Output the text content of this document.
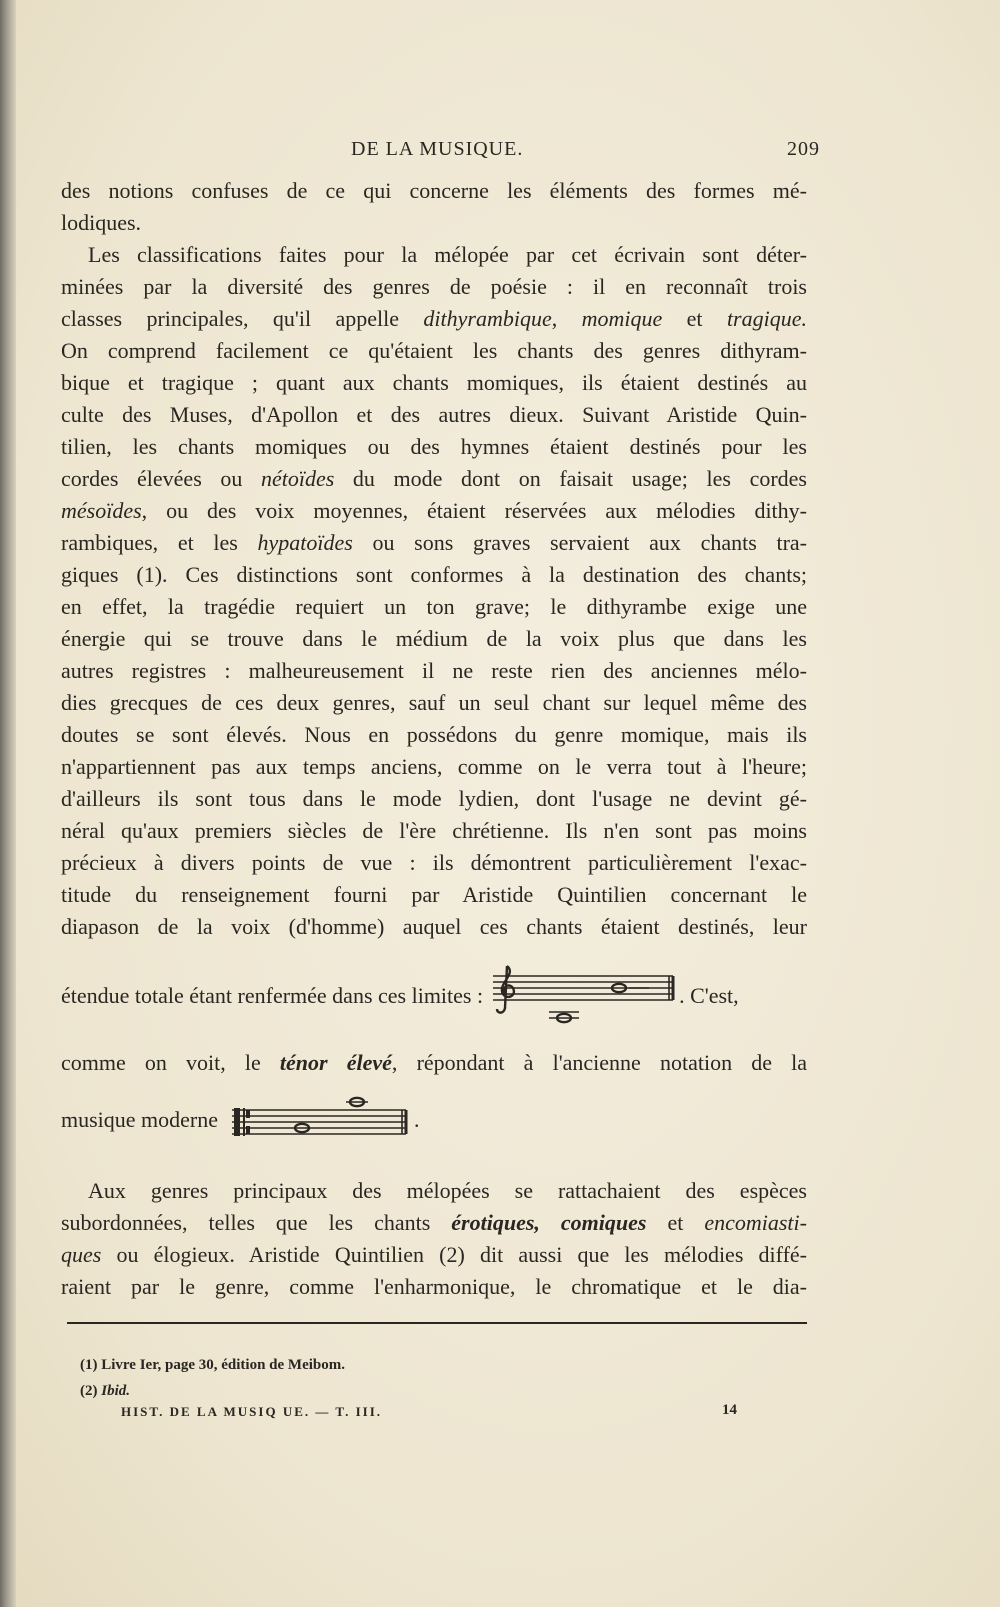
DE LA MUSIQUE.	209
des notions confuses de ce qui concerne les éléments des formes mé-
lodiques.
Les classifications faites pour la mélopée par cet écrivain sont déter-
minées par la diversité des genres de poésie : il en reconnaît trois
classes principales, qu'il appelle dithyrambique, momique et tragique.
On comprend facilement ce qu'étaient les chants des genres dithyram-
bique et tragique ; quant aux chants momiques, ils étaient destinés au
culte des Muses, d'Apollon et des autres dieux. Suivant Aristide Quin-
tilien, les chants momiques ou des hymnes étaient destinés pour les
cordes élevées ou nétoïdes du mode dont on faisait usage; les cordes
mésoïdes, ou des voix moyennes, étaient réservées aux mélodies dithy-
rambiques, et les hypatoïdes ou sons graves servaient aux chants tra-
giques (1). Ces distinctions sont conformes à la destination des chants;
en effet, la tragédie requiert un ton grave; le dithyrambe exige une
énergie qui se trouve dans le médium de la voix plus que dans les
autres registres : malheureusement il ne reste rien des anciennes mélo-
dies grecques de ces deux genres, sauf un seul chant sur lequel même des
doutes se sont élevés. Nous en possédons du genre momique, mais ils
n'appartiennent pas aux temps anciens, comme on le verra tout à l'heure;
d'ailleurs ils sont tous dans le mode lydien, dont l'usage ne devint gé-
néral qu'aux premiers siècles de l'ère chrétienne. Ils n'en sont pas moins
précieux à divers points de vue : ils démontrent particulièrement l'exac-
titude du renseignement fourni par Aristide Quintilien concernant le
diapason de la voix (d'homme) auquel ces chants étaient destinés, leur
étendue totale étant renfermée dans ces limites :	. C'est,
comme on voit, le ténor élevé, répondant à l'ancienne notation de la
musique moderne	.
Aux genres principaux des mélopées se rattachaient des espèces
subordonnées, telles que les chants érotiques, comiques et encomiasti-
ques ou élogieux. Aristide Quintilien (2) dit aussi que les mélodies diffé-
raient par le genre, comme l'enharmonique, le chromatique et le dia-
(1) Livre Ier, page 30, édition de Meibom.
(2) Ibid.
HIST. DE LA MUSIQ UE. — T. III.	14
